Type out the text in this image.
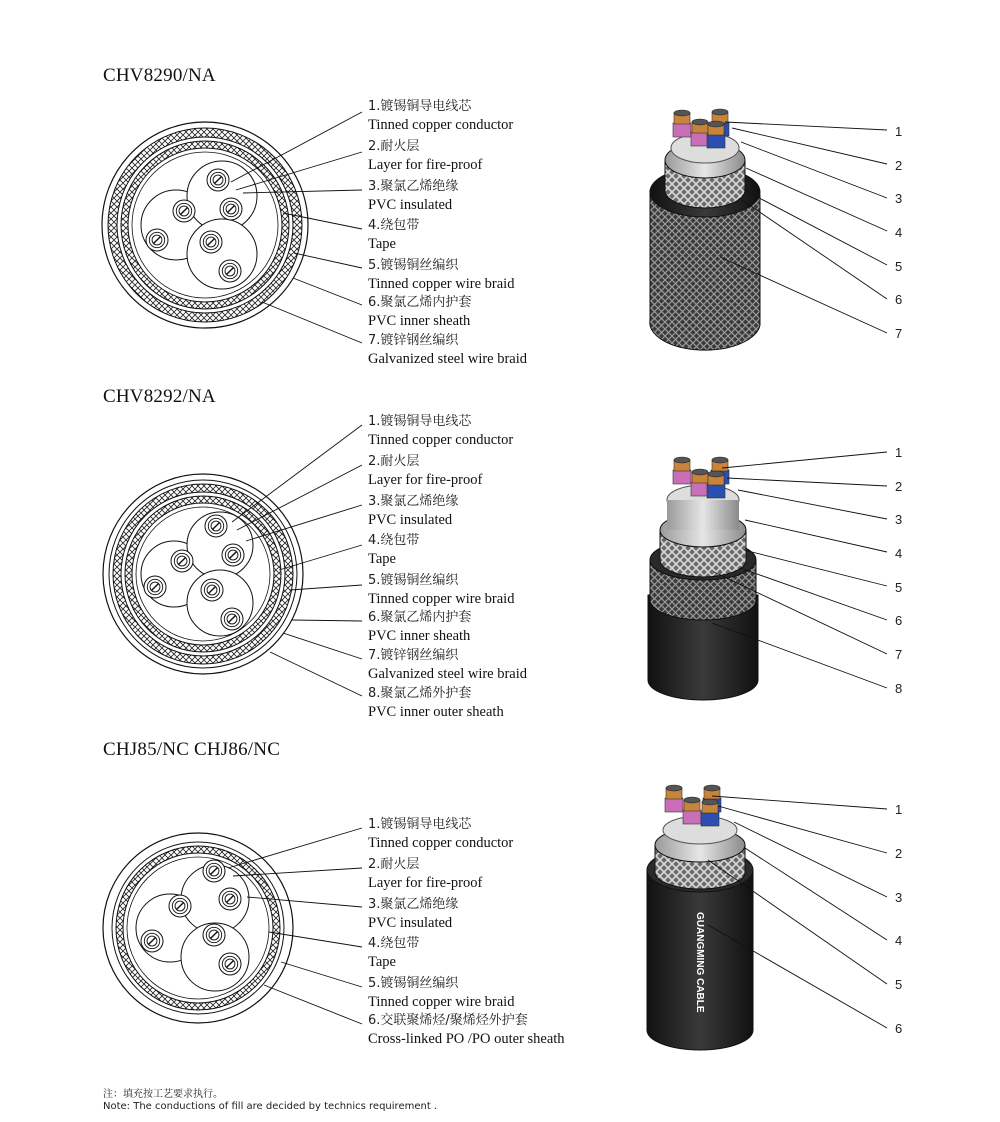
CHV8290/NA
1.镀锡铜导电线芯
Tinned copper conductor
2.耐火层
Layer for fire-proof
3.聚氯乙烯绝缘
PVC insulated
4.绕包带
Tape
5.镀锡铜丝编织
Tinned copper wire braid
6.聚氯乙烯内护套
PVC inner sheath
7.镀锌钢丝编织
Galvanized steel wire braid
CHV8292/NA
1.镀锡铜导电线芯
Tinned copper conductor
2.耐火层
Layer for fire-proof
3.聚氯乙烯绝缘
PVC insulated
4.绕包带
Tape
5.镀锡铜丝编织
Tinned copper wire braid
6.聚氯乙烯内护套
PVC inner sheath
7.镀锌钢丝编织
Galvanized steel wire braid
8.聚氯乙烯外护套
PVC inner outer sheath
CHJ85/NC CHJ86/NC
1.镀锡铜导电线芯
Tinned copper conductor
2.耐火层
Layer for fire-proof
3.聚氯乙烯绝缘
PVC insulated
4.绕包带
Tape
5.镀锡铜丝编织
Tinned copper wire braid
6.交联聚烯烃/聚烯烃外护套
Cross-linked PO /PO outer sheath
注：填充按工艺要求执行。
Note: The conductions of fill are decided by technics requirement .
GUANGMING CABLE
1
2
3
4
5
6
7
1
2
3
4
5
6
7
8
1
2
3
4
5
6
